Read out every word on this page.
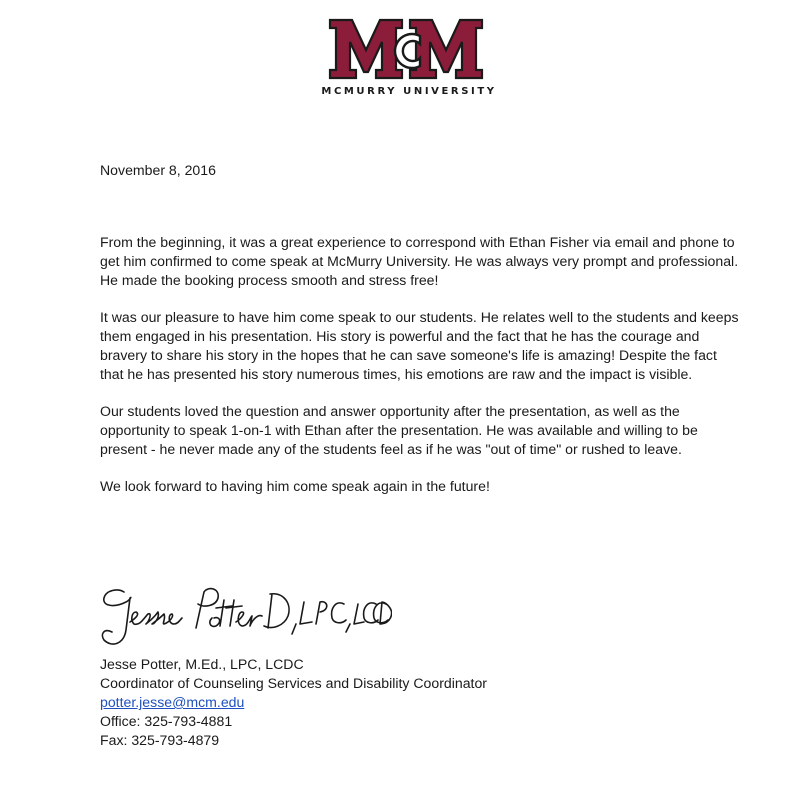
MCMURRY UNIVERSITY

November 8, 2016

From the beginning, it was a great experience to correspond with Ethan Fisher via email and phone to get him confirmed to come speak at McMurry University. He was always very prompt and professional. He made the booking process smooth and stress free!

It was our pleasure to have him come speak to our students. He relates well to the students and keeps them engaged in his presentation. His story is powerful and the fact that he has the courage and bravery to share his story in the hopes that he can save someone's life is amazing! Despite the fact that he has presented his story numerous times, his emotions are raw and the impact is visible.

Our students loved the question and answer opportunity after the presentation, as well as the opportunity to speak 1-on-1 with Ethan after the presentation. He was available and willing to be present - he never made any of the students feel as if he was "out of time" or rushed to leave.

We look forward to having him come speak again in the future!

Jesse Potter, M.Ed., LPC, LCDC
Coordinator of Counseling Services and Disability Coordinator
potter.jesse@mcm.edu
Office: 325-793-4881
Fax: 325-793-4879
